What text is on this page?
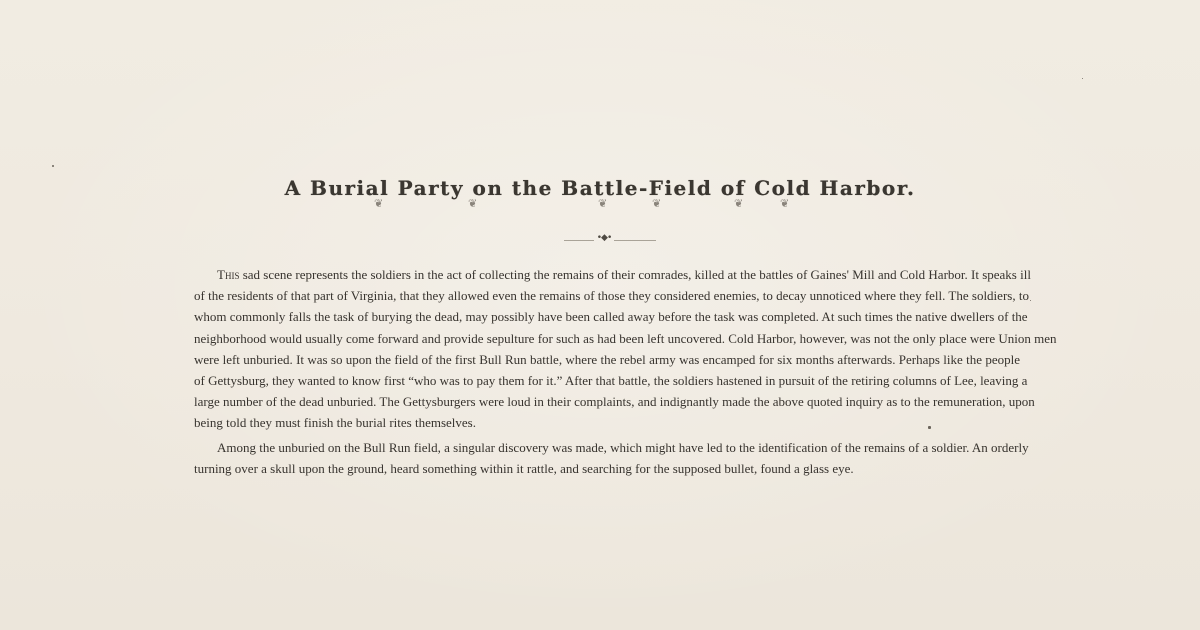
A Burial Party on the Battle-Field of Cold Harbor.
❦	❦	❦	❦	❦	❦
•◆•
This sad scene represents the soldiers in the act of collecting the remains of their comrades, killed at the battles of Gaines' Mill and Cold Harbor. It speaks ill
of the residents of that part of Virginia, that they allowed even the remains of those they considered enemies, to decay unnoticed where they fell. The soldiers, to
whom commonly falls the task of burying the dead, may possibly have been called away before the task was completed. At such times the native dwellers of the
neighborhood would usually come forward and provide sepulture for such as had been left uncovered. Cold Harbor, however, was not the only place were Union men
were left unburied. It was so upon the field of the first Bull Run battle, where the rebel army was encamped for six months afterwards. Perhaps like the people
of Gettysburg, they wanted to know first “who was to pay them for it.” After that battle, the soldiers hastened in pursuit of the retiring columns of Lee, leaving a
large number of the dead unburied. The Gettysburgers were loud in their complaints, and indignantly made the above quoted inquiry as to the remuneration, upon
being told they must finish the burial rites themselves.
Among the unburied on the Bull Run field, a singular discovery was made, which might have led to the identification of the remains of a soldier. An orderly
turning over a skull upon the ground, heard something within it rattle, and searching for the supposed bullet, found a glass eye.
